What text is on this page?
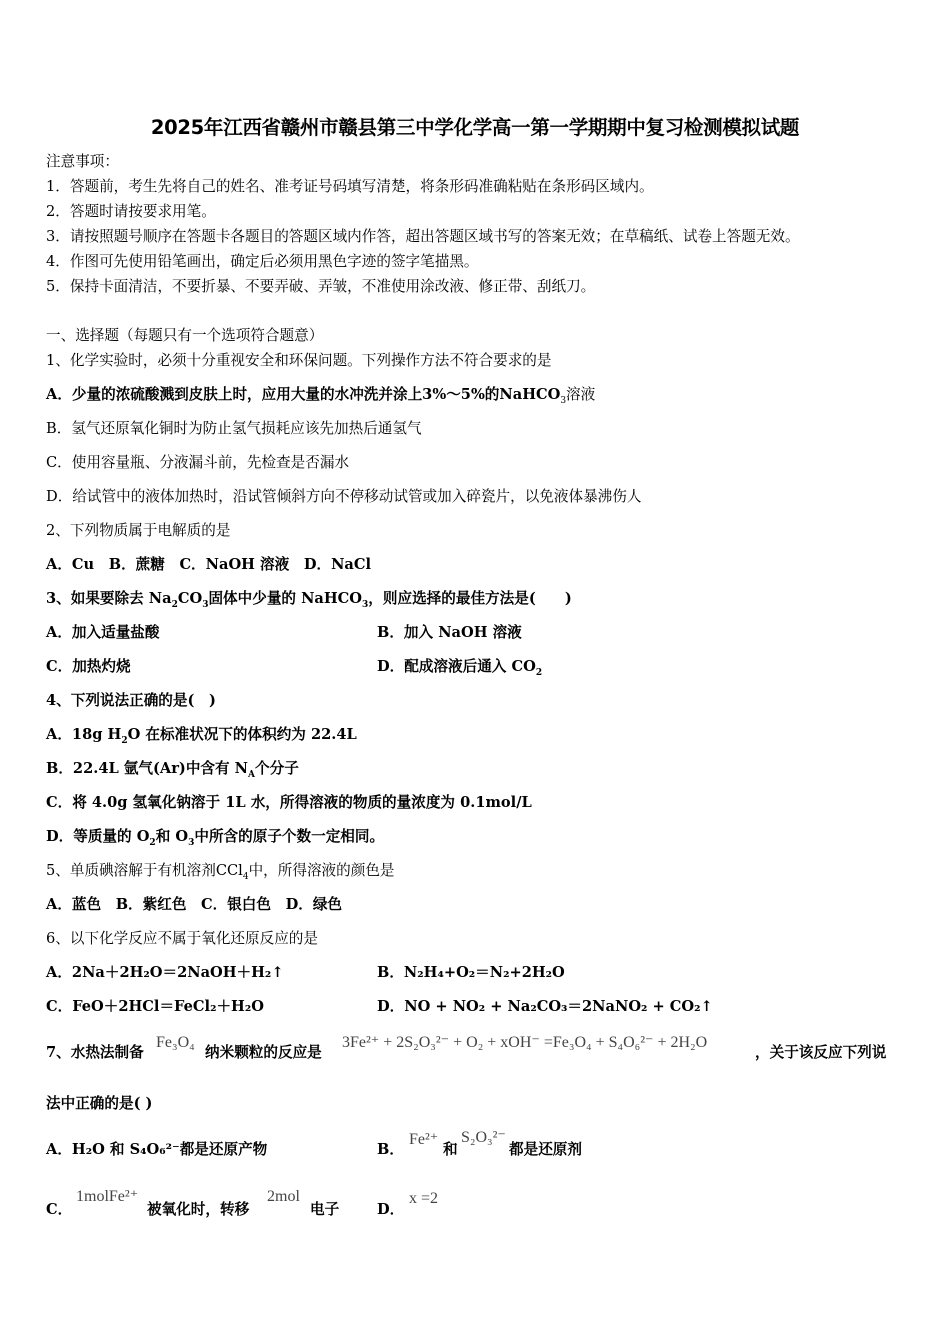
2025年江西省赣州市赣县第三中学化学高一第一学期期中复习检测模拟试题
注意事项：
1．答题前，考生先将自己的姓名、准考证号码填写清楚，将条形码准确粘贴在条形码区域内。
2．答题时请按要求用笔。
3．请按照题号顺序在答题卡各题目的答题区域内作答，超出答题区域书写的答案无效；在草稿纸、试卷上答题无效。
4．作图可先使用铅笔画出，确定后必须用黑色字迹的签字笔描黑。
5．保持卡面清洁，不要折暴、不要弄破、弄皱，不准使用涂改液、修正带、刮纸刀。
一、选择题（每题只有一个选项符合题意）
1、化学实验时，必须十分重视安全和环保问题。下列操作方法不符合要求的是
A．少量的浓硫酸溅到皮肤上时，应用大量的水冲洗并涂上3%～5%的NaHCO$_3$溶液
B．氢气还原氧化铜时为防止氢气损耗应该先加热后通氢气
C．使用容量瓶、分液漏斗前，先检查是否漏水
D．给试管中的液体加热时，沿试管倾斜方向不停移动试管或加入碎瓷片，以免液体暴沸伤人
2、下列物质属于电解质的是
A．Cu　B．蔗糖　C．NaOH 溶液　D．NaCl
3、如果要除去 $Na_2CO_3$固体中少量的 NaHCO$_3$，则应选择的最佳方法是(　　)
A．加入适量盐酸	B．加入 NaOH 溶液
C．加热灼烧	D．配成溶液后通入 $CO_2$
4、下列说法正确的是(　)
A．18g $H_2O$ 在标准状况下的体积约为 22.4L
B．22.4L 氩气(Ar)中含有 $N_A$个分子
C．将 4.0g 氢氧化钠溶于 1L 水，所得溶液的物质的量浓度为 0.1mol/L
D．等质量的 $O_2$和 $O_3$中所含的原子个数一定相同。
5、单质碘溶解于有机溶剂CCl$_4$中，所得溶液的颜色是
A．蓝色　B．紫红色　C．银白色　D．绿色
6、以下化学反应不属于氧化还原反应的是
A．2Na＋2H₂O＝2NaOH＋H₂↑	B．N₂H₄+O₂＝N₂+2H₂O
C．FeO＋2HCl＝FeCl₂＋H₂O	D．NO + NO₂ + Na₂CO₃＝2NaNO₂ + CO₂↑
7、水热法制备
Fe₃O₄
纳米颗粒的反应是
3Fe²⁺ + 2S₂O₃²⁻ + O₂ + xOH⁻ =Fe₃O₄ + S₄O₆²⁻ + 2H₂O
，关于该反应下列说
法中正确的是( )
A．H₂O 和 S₄O₆²⁻都是还原产物	B．
Fe²⁺
和
S₂O₃²⁻
都是还原剂
C．
1molFe²⁺
被氧化时，转移
2mol
电子	D．
x =2
